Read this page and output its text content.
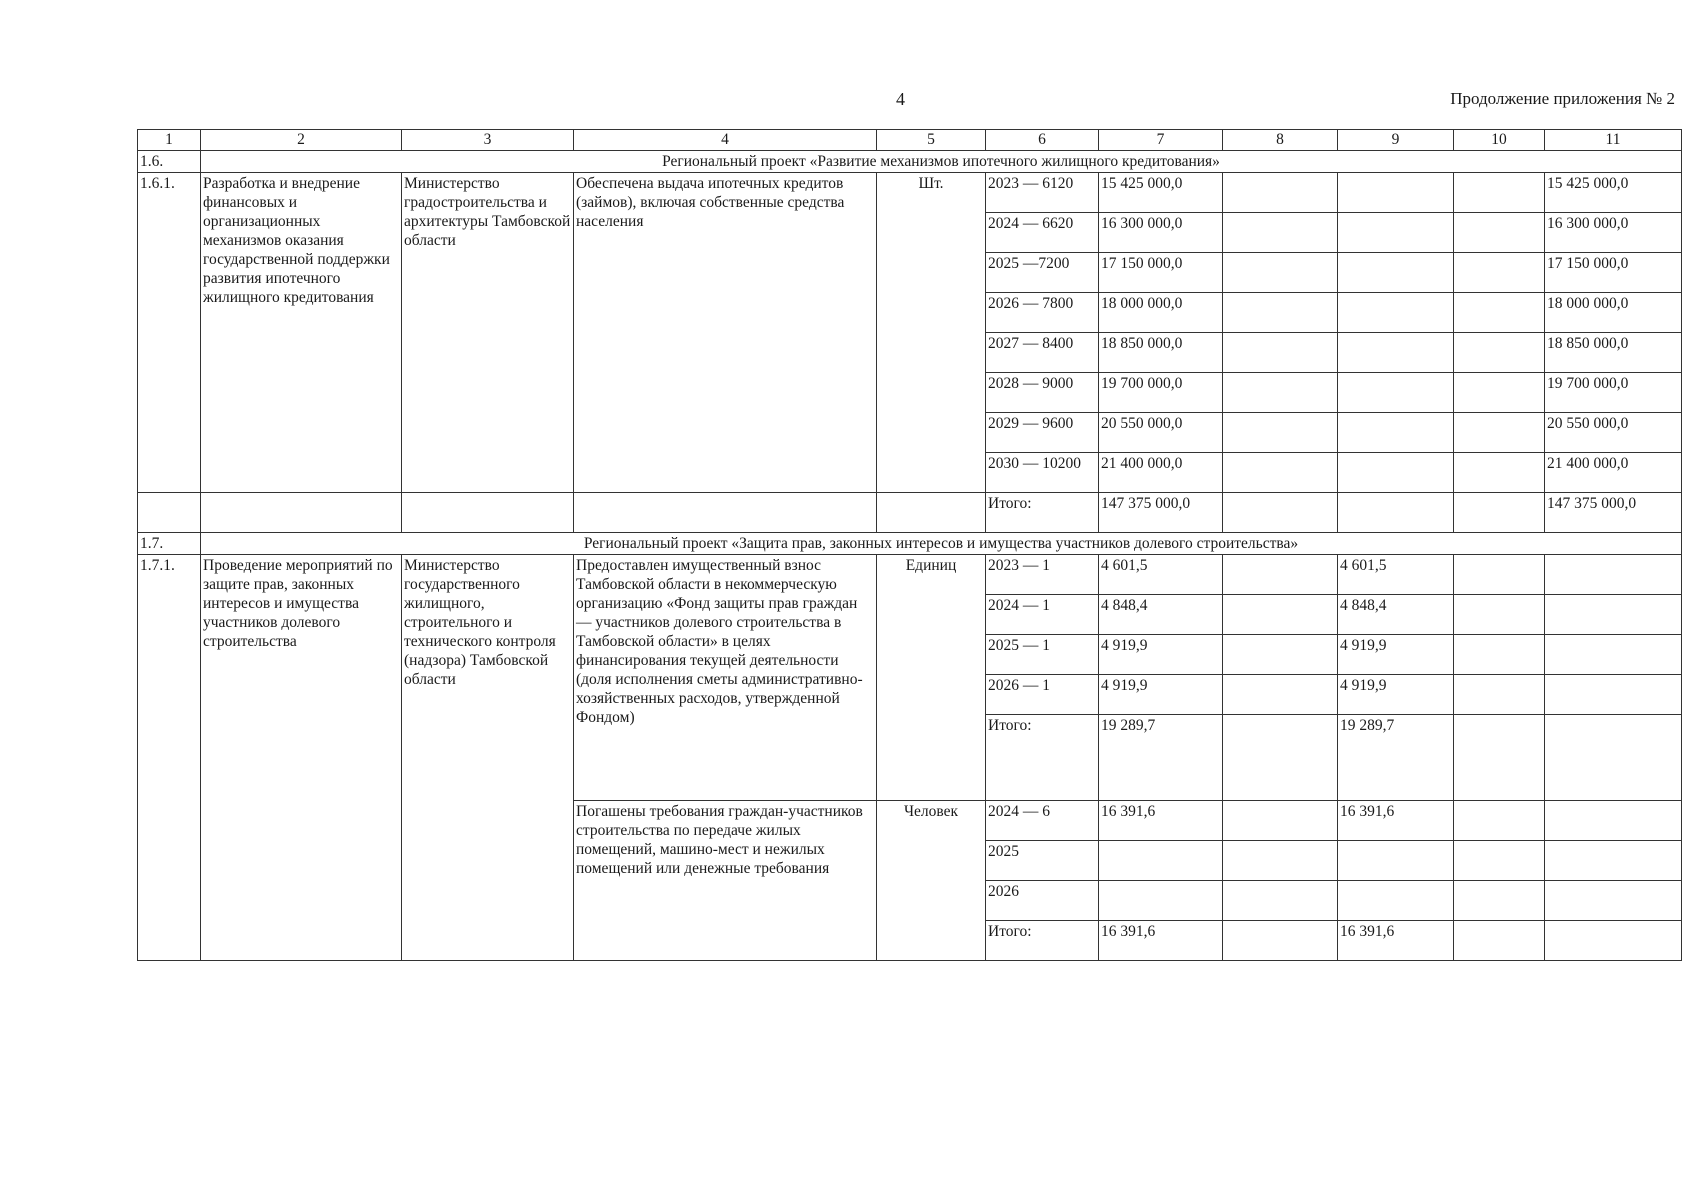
4	Продолжение приложения № 2
1	2	3	4	5	6	7	8	9	10	11
1.6.	Региональный проект «Развитие механизмов ипотечного жилищного кредитования»									
1.6.1.	Разработка и внедрение финансовых и организационных механизмов оказания государственной поддержки развития ипотечного жилищного кредитования	Министерство градостроительства и архитектуры Тамбовской области	Обеспечена выдача ипотечных кредитов (займов), включая собственные средства населения	Шт.	2023 — 6120	15 425 000,0				15 425 000,0
					2024 — 6620	16 300 000,0				16 300 000,0
					2025 —7200	17 150 000,0				17 150 000,0
					2026 — 7800	18 000 000,0				18 000 000,0
					2027 — 8400	18 850 000,0				18 850 000,0
					2028 — 9000	19 700 000,0				19 700 000,0
					2029 — 9600	20 550 000,0				20 550 000,0
					2030 — 10200	21 400 000,0				21 400 000,0
					Итого:	147 375 000,0				147 375 000,0
1.7.	Региональный проект «Защита прав, законных интересов и имущества участников долевого строительства»									
1.7.1.	Проведение мероприятий по защите прав, законных интересов и имущества участников долевого строительства	Министерство государственного жилищного, строительного и технического контроля (надзора) Тамбовской области	Предоставлен имущественный взнос Тамбовской области в некоммерческую организацию «Фонд защиты прав граждан — участников долевого строительства в Тамбовской области» в целях финансирования текущей деятельности (доля исполнения сметы административно-хозяйственных расходов, утвержденной Фондом)	Единиц	2023 — 1	4 601,5		4 601,5		
					2024 — 1	4 848,4		4 848,4		
					2025 — 1	4 919,9		4 919,9		
					2026 — 1	4 919,9		4 919,9		
					Итого:	19 289,7		19 289,7		
			Погашены требования граждан-участников строительства по передаче жилых помещений, машино-мест и нежилых помещений или денежные требования	Человек	2024 — 6	16 391,6		16 391,6		
					2025					
					2026					
					Итого:	16 391,6		16 391,6		
